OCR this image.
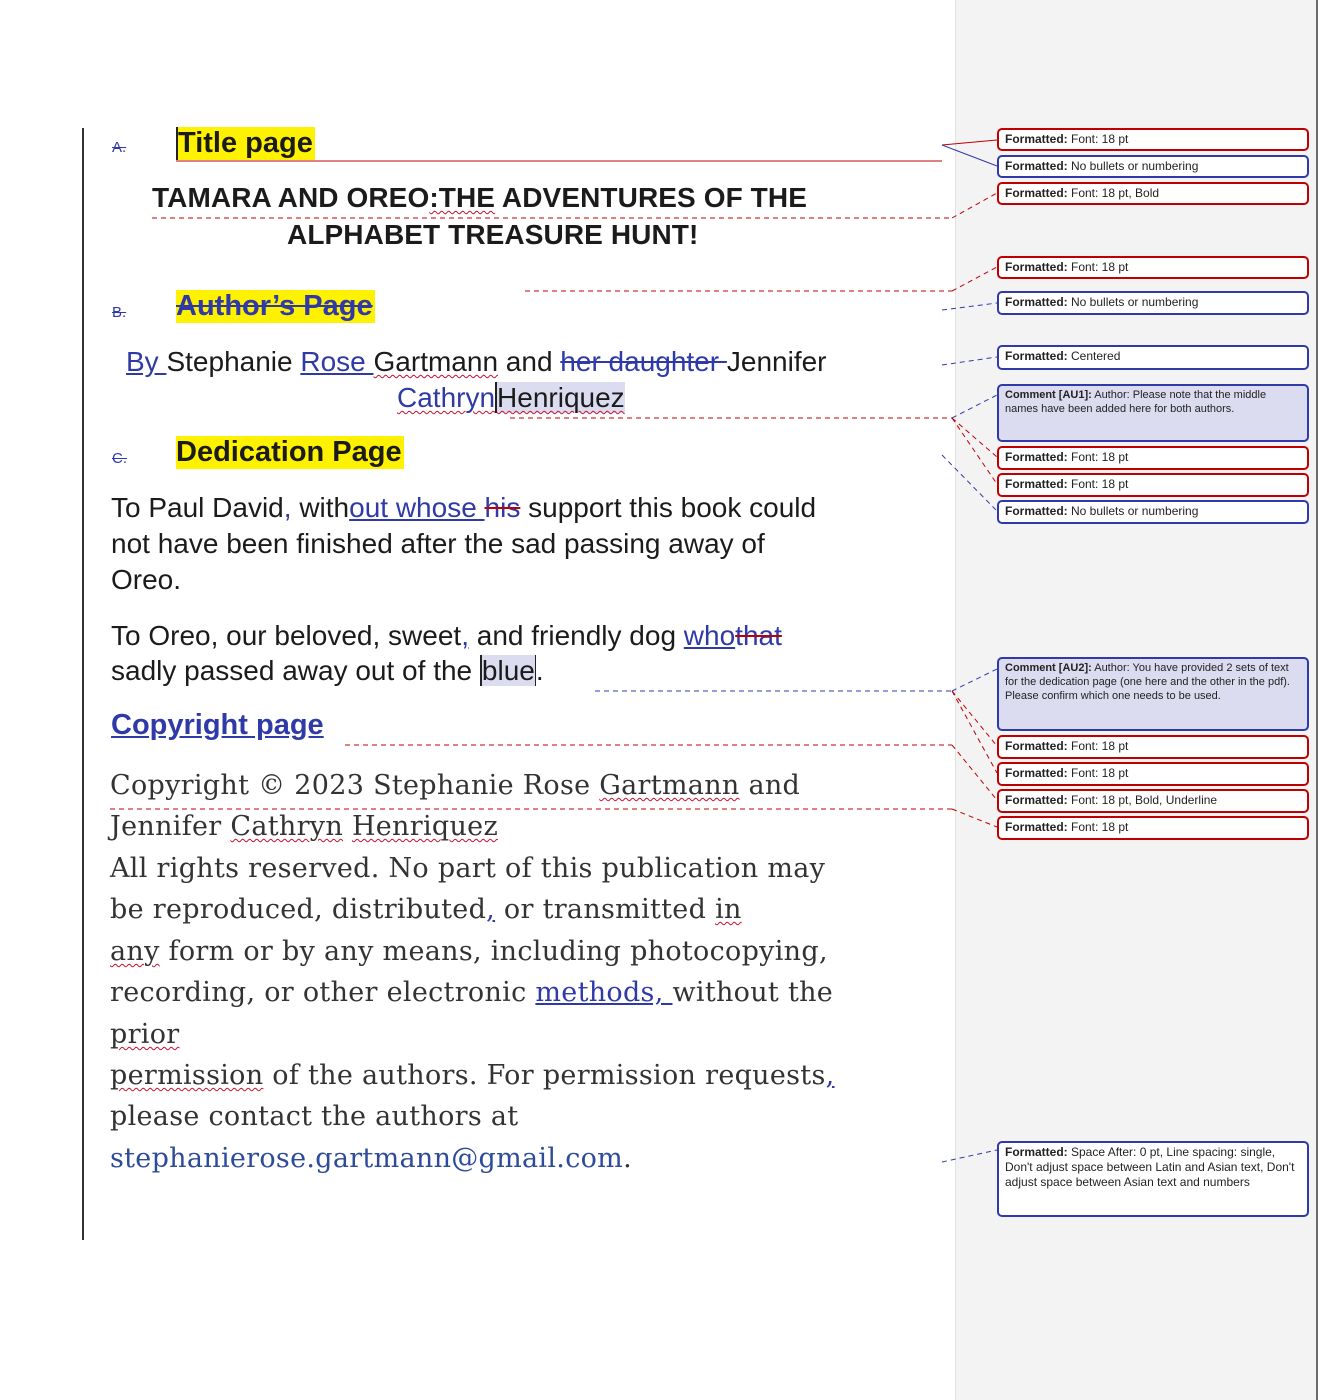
A. Title page
TAMARA AND OREO:THE ADVENTURES OF THE
ALPHABET TREASURE HUNT!
B. Author’s Page
By Stephanie Rose Gartmann and her daughter Jennifer
CathrynHenriquez
C. Dedication Page
To Paul David, without whose his support this book could
not have been finished after the sad passing away of
Oreo.
To Oreo, our beloved, sweet, and friendly dog whothat
sadly passed away out of the blue.
Copyright page
Copyright © 2023 Stephanie Rose Gartmann and
Jennifer Cathryn Henriquez
All rights reserved. No part of this publication may
be reproduced, distributed, or transmitted in
any form or by any means, including photocopying,
recording, or other electronic methods, without the
prior
permission of the authors. For permission requests,
please contact the authors at
stephanierose.gartmann@gmail.com.
Formatted: Font: 18 pt
Formatted: No bullets or numbering
Formatted: Font: 18 pt, Bold
Formatted: Font: 18 pt
Formatted: No bullets or numbering
Formatted: Centered
Comment [AU1]: Author: Please note that the middle names have been added here for both authors.
Formatted: Font: 18 pt
Formatted: Font: 18 pt
Formatted: No bullets or numbering
Comment [AU2]: Author: You have provided 2 sets of text for the dedication page (one here and the other in the pdf). Please confirm which one needs to be used.
Formatted: Font: 18 pt
Formatted: Font: 18 pt
Formatted: Font: 18 pt, Bold, Underline
Formatted: Font: 18 pt
Formatted: Space After: 0 pt, Line spacing: single, Don't adjust space between Latin and Asian text, Don't adjust space between Asian text and numbers
